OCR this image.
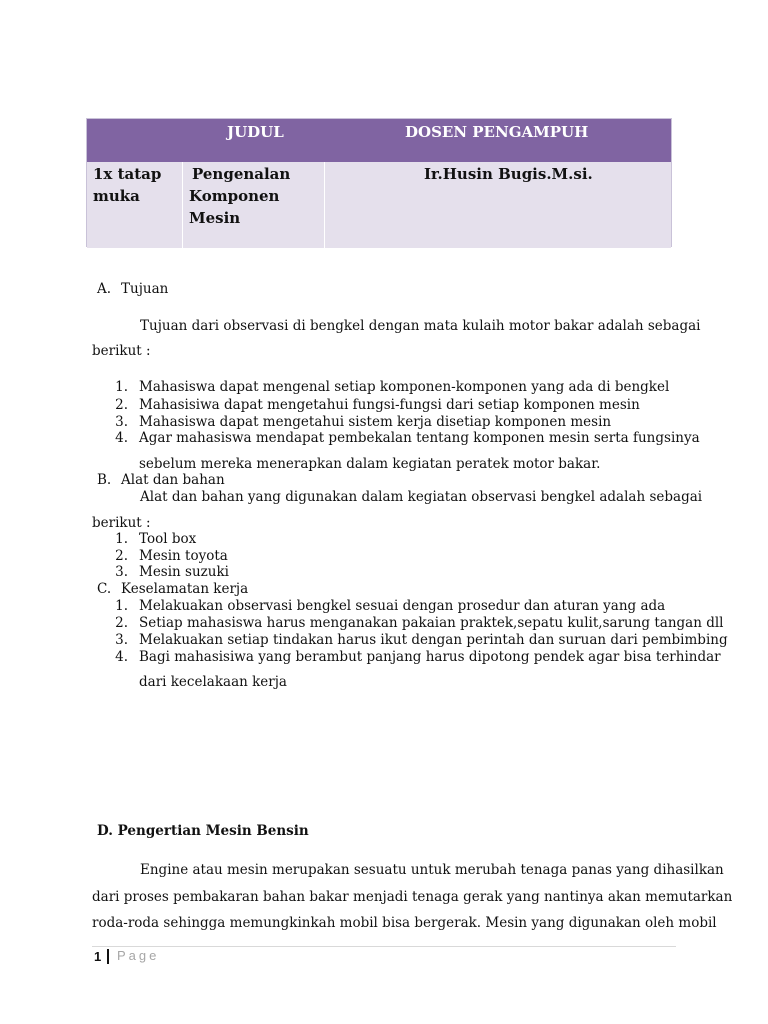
JUDUL	DOSEN PENGAMPUH
1x tatap
muka
Pengenalan
Komponen
Mesin
Ir.Husin Bugis.M.si.
A. Tujuan
Tujuan dari observasi di bengkel dengan mata kulaih motor bakar adalah sebagai
berikut :
1. Mahasiswa dapat mengenal setiap komponen-komponen yang ada di bengkel
2. Mahasisiwa dapat mengetahui fungsi-fungsi dari setiap komponen mesin
3. Mahasiswa dapat mengetahui sistem kerja disetiap komponen mesin
4. Agar mahasiswa mendapat pembekalan tentang komponen mesin serta fungsinya
sebelum mereka menerapkan dalam kegiatan peratek motor bakar.
B. Alat dan bahan
Alat dan bahan yang digunakan dalam kegiatan observasi bengkel adalah sebagai
berikut :
1. Tool box
2. Mesin toyota
3. Mesin suzuki
C. Keselamatan kerja
1. Melakuakan observasi bengkel sesuai dengan prosedur dan aturan yang ada
2. Setiap mahasiswa harus menganakan pakaian praktek,sepatu kulit,sarung tangan dll
3. Melakuakan setiap tindakan harus ikut dengan perintah dan suruan dari pembimbing
4. Bagi mahasisiwa yang berambut panjang harus dipotong pendek agar bisa terhindar
dari kecelakaan kerja
D. Pengertian Mesin Bensin
Engine atau mesin merupakan sesuatu untuk merubah tenaga panas yang dihasilkan
dari proses pembakaran bahan bakar menjadi tenaga gerak yang nantinya akan memutarkan
roda-roda sehingga memungkinkah mobil bisa bergerak. Mesin yang digunakan oleh mobil
1 Page
